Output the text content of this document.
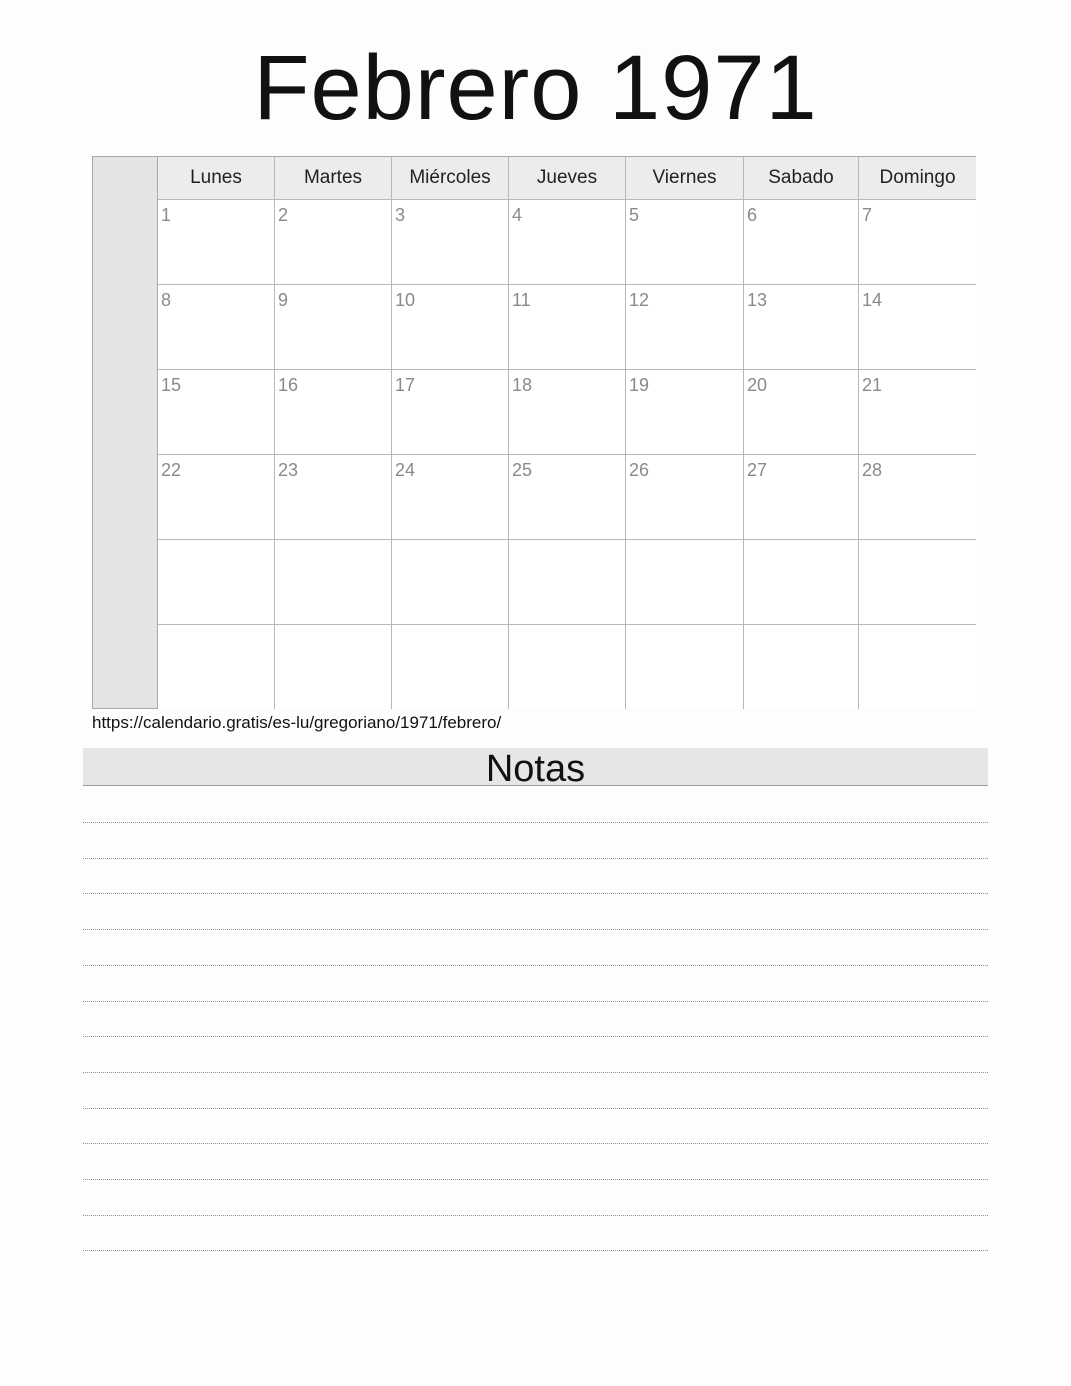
Febrero 1971
Lunes	Martes	Miércoles	Jueves	Viernes	Sabado	Domingo
1	2	3	4	5	6	7
8	9	10	11	12	13	14
15	16	17	18	19	20	21
22	23	24	25	26	27	28
https://calendario.gratis/es-lu/gregoriano/1971/febrero/
Notas
